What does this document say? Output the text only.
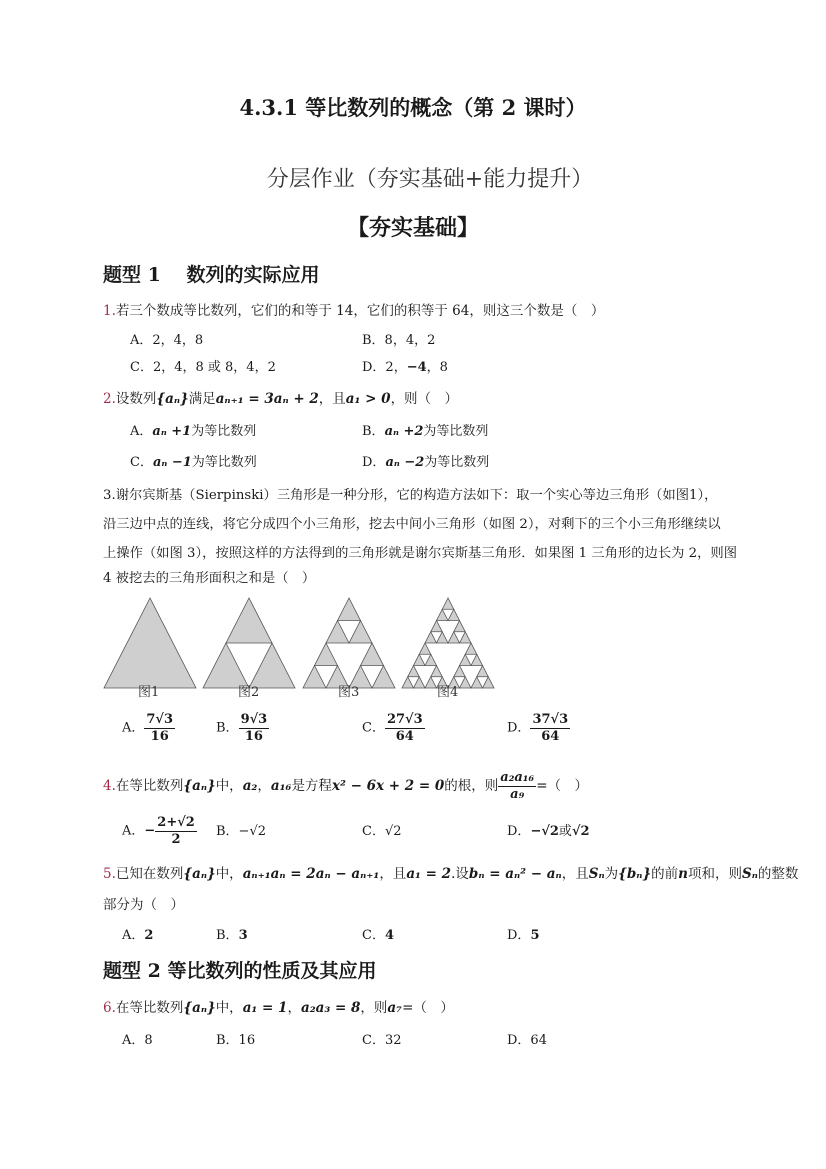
4.3.1 等比数列的概念（第 2 课时）
分层作业（夯实基础+能力提升）
【夯实基础】
题型 1　 数列的实际应用
1.若三个数成等比数列，它们的和等于 14，它们的积等于 64，则这三个数是（　）
A．2，4，8	B．8，4，2
C．2，4，8 或 8，4，2	D．2，−4，8
2.设数列{aₙ}满足aₙ₊₁ = 3aₙ + 2，且a₁ > 0，则（　）
A．aₙ +1为等比数列	B．aₙ +2为等比数列
C．aₙ −1为等比数列	D．aₙ −2为等比数列
3.谢尔宾斯基（Sierpinski）三角形是一种分形，它的构造方法如下：取一个实心等边三角形（如图1），
沿三边中点的连线，将它分成四个小三角形，挖去中间小三角形（如图 2），对剩下的三个小三角形继续以
上操作（如图 3），按照这样的方法得到的三角形就是谢尔宾斯基三角形．如果图 1 三角形的边长为 2，则图
4 被挖去的三角形面积之和是（　）
图1	图2	图3	图4
A． $\frac{7√3}{16}$	B． $\frac{9√3}{16}$	C． $\frac{27√3}{64}$	D． $\frac{37√3}{64}$
4.在等比数列{aₙ}中，a₂，a₁₆是方程x² − 6x + 2 = 0的根，则 $\frac{\text{a₂a₁₆}}{\text{a₉}}$ =（　）
A．− $\frac{2+√2}{2}$ B．−√2	C．√2	D．−√2或√2
5.已知在数列{aₙ}中，aₙ₊₁aₙ = 2aₙ − aₙ₊₁，且a₁ = 2.设bₙ = aₙ² − aₙ，且Sₙ为{bₙ}的前n项和，则Sₙ的整数
部分为（　）
A．2	B．3	C．4	D．5
题型 2 等比数列的性质及其应用
6.在等比数列{aₙ}中，a₁ = 1，a₂a₃ = 8，则a₇=（　）
A．8	B．16	C．32	D．64
